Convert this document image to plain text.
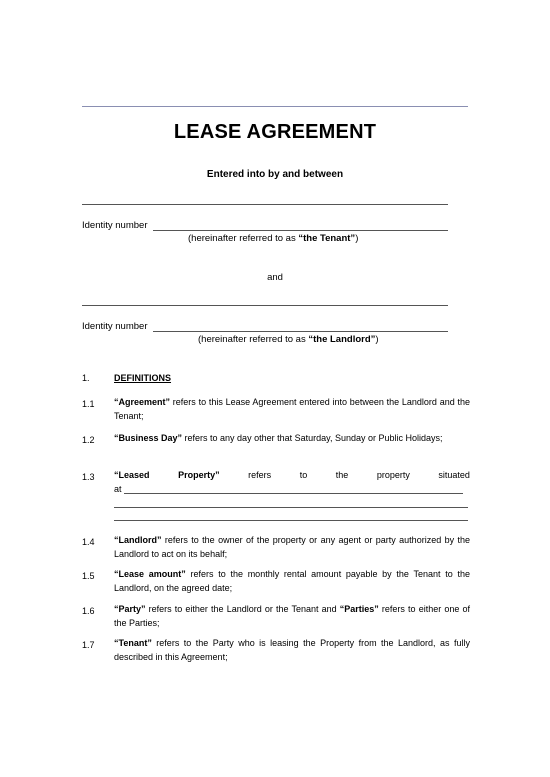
LEASE AGREEMENT
Entered into by and between
Identity number
(hereinafter referred to as “the Tenant”)
and
Identity number
(hereinafter referred to as “the Landlord”)
1.	DEFINITIONS
1.1 “Agreement” refers to this Lease Agreement entered into between the Landlord and the Tenant;
1.2 “Business Day” refers to any day other that Saturday, Sunday or Public Holidays;
1.3 “Leased	Property”	refers	to	the	property	situated
at
1.4 “Landlord” refers to the owner of the property or any agent or party authorized by the Landlord to act on its behalf;
1.5 “Lease amount” refers to the monthly rental amount payable by the Tenant to the Landlord, on the agreed date;
1.6 “Party” refers to either the Landlord or the Tenant and “Parties” refers to either one of the Parties;
1.7 “Tenant” refers to the Party who is leasing the Property from the Landlord, as fully described in this Agreement;
